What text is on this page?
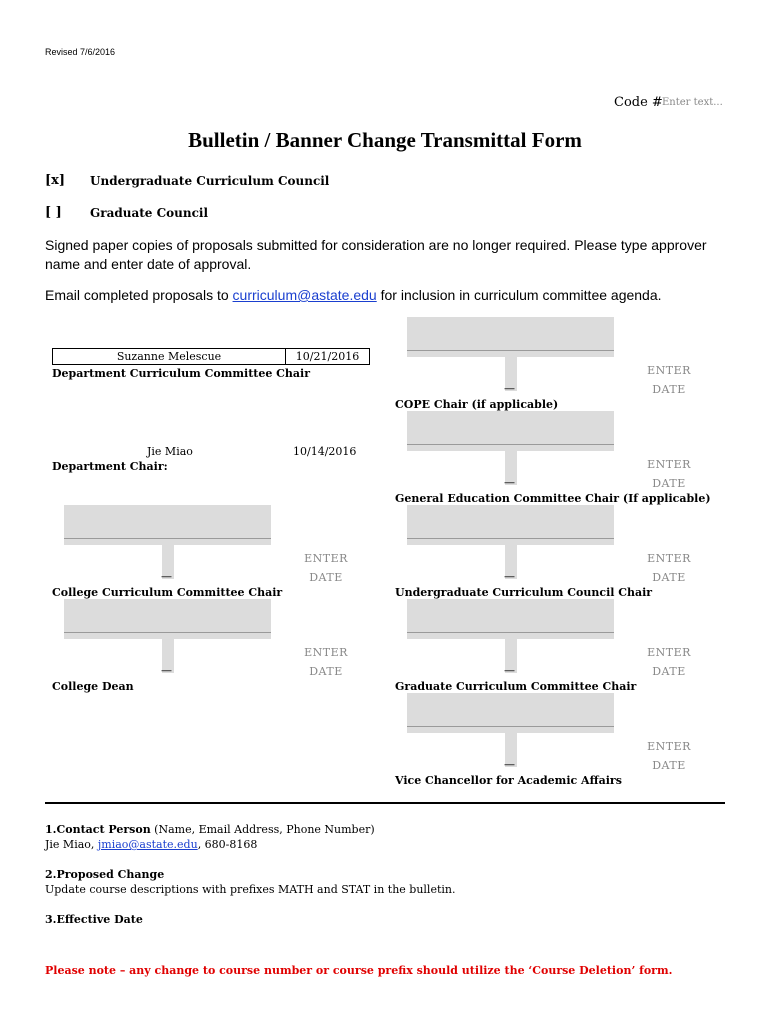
Revised 7/6/2016
Code # Enter text...
Bulletin / Banner Change Transmittal Form
[x] Undergraduate Curriculum Council
[ ] Graduate Council
Signed paper copies of proposals submitted for consideration are no longer required. Please type approver name and enter date of approval.
Email completed proposals to curriculum@astate.edu for inclusion in curriculum committee agenda.
Suzanne Melescue	10/21/2016
Department Curriculum Committee Chair
Jie Miao	10/14/2016
Department Chair:
—
ENTER
DATE
College Curriculum Committee Chair
—
ENTER
DATE
College Dean
—
ENTER
DATE
COPE Chair (if applicable)
—
ENTER
DATE
General Education Committee Chair (If applicable)
—
ENTER
DATE
Undergraduate Curriculum Council Chair
—
ENTER
DATE
Graduate Curriculum Committee Chair
—
ENTER
DATE
Vice Chancellor for Academic Affairs
1.Contact Person (Name, Email Address, Phone Number)
Jie Miao, jmiao@astate.edu, 680-8168
2.Proposed Change
Update course descriptions with prefixes MATH and STAT in the bulletin.
3.Effective Date
Please note – any change to course number or course prefix should utilize the ‘Course Deletion’ form.
